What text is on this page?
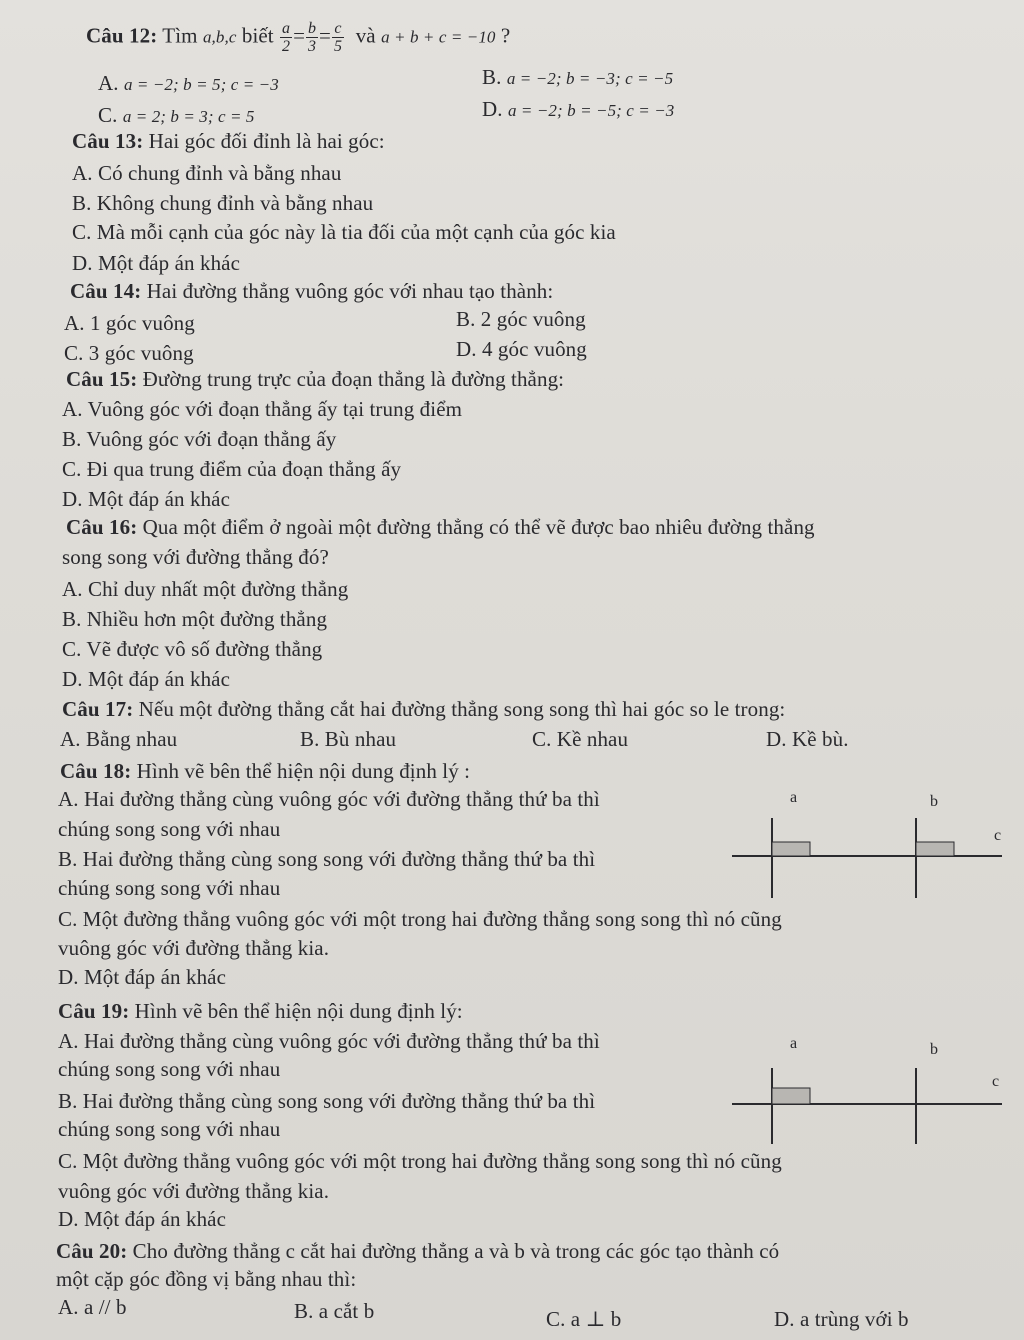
Câu 12: Tìm a,b,c biết $\frac{a}{2} = \frac{b}{3} = \frac{c}{5}$ và a + b + c = −10 ?
A. a = −2; b = 5; c = −3	B. a = −2; b = −3; c = −5
C. a = 2; b = 3; c = 5	D. a = −2; b = −5; c = −3
Câu 13: Hai góc đối đỉnh là hai góc:
A. Có chung đỉnh và bằng nhau
B. Không chung đỉnh và bằng nhau
C. Mà mỗi cạnh của góc này là tia đối của một cạnh của góc kia
D. Một đáp án khác
Câu 14: Hai đường thẳng vuông góc với nhau tạo thành:
A. 1 góc vuông	B. 2 góc vuông
C. 3 góc vuông	D. 4 góc vuông
Câu 15: Đường trung trực của đoạn thẳng là đường thẳng:
A. Vuông góc với đoạn thẳng ấy tại trung điểm
B. Vuông góc với đoạn thẳng ấy
C. Đi qua trung điểm của đoạn thẳng ấy
D. Một đáp án khác
Câu 16: Qua một điểm ở ngoài một đường thẳng có thể vẽ được bao nhiêu đường thẳng
song song với đường thẳng đó?
A. Chỉ duy nhất một đường thẳng
B. Nhiều hơn một đường thẳng
C. Vẽ được vô số đường thẳng
D. Một đáp án khác
Câu 17: Nếu một đường thẳng cắt hai đường thẳng song song thì hai góc so le trong:
A. Bằng nhau	B. Bù nhau	C. Kề nhau	D. Kề bù.
Câu 18: Hình vẽ bên thể hiện nội dung định lý :
A. Hai đường thẳng cùng vuông góc với đường thẳng thứ ba thì
chúng song song với nhau
B. Hai đường thẳng cùng song song với đường thẳng thứ ba thì
chúng song song với nhau
C. Một đường thẳng vuông góc với một trong hai đường thẳng song song thì nó cũng
vuông góc với đường thẳng kia.
D. Một đáp án khác
a	b
c
Câu 19: Hình vẽ bên thể hiện nội dung định lý:
A. Hai đường thẳng cùng vuông góc với đường thẳng thứ ba thì
chúng song song với nhau
B. Hai đường thẳng cùng song song với đường thẳng thứ ba thì
chúng song song với nhau
C. Một đường thẳng vuông góc với một trong hai đường thẳng song song thì nó cũng
vuông góc với đường thẳng kia.
D. Một đáp án khác
a	b
c
Câu 20: Cho đường thẳng c cắt hai đường thẳng a và b và trong các góc tạo thành có
một cặp góc đồng vị bằng nhau thì:
A. a // b	B. a cắt b	C. a ⊥ b	D. a trùng với b
